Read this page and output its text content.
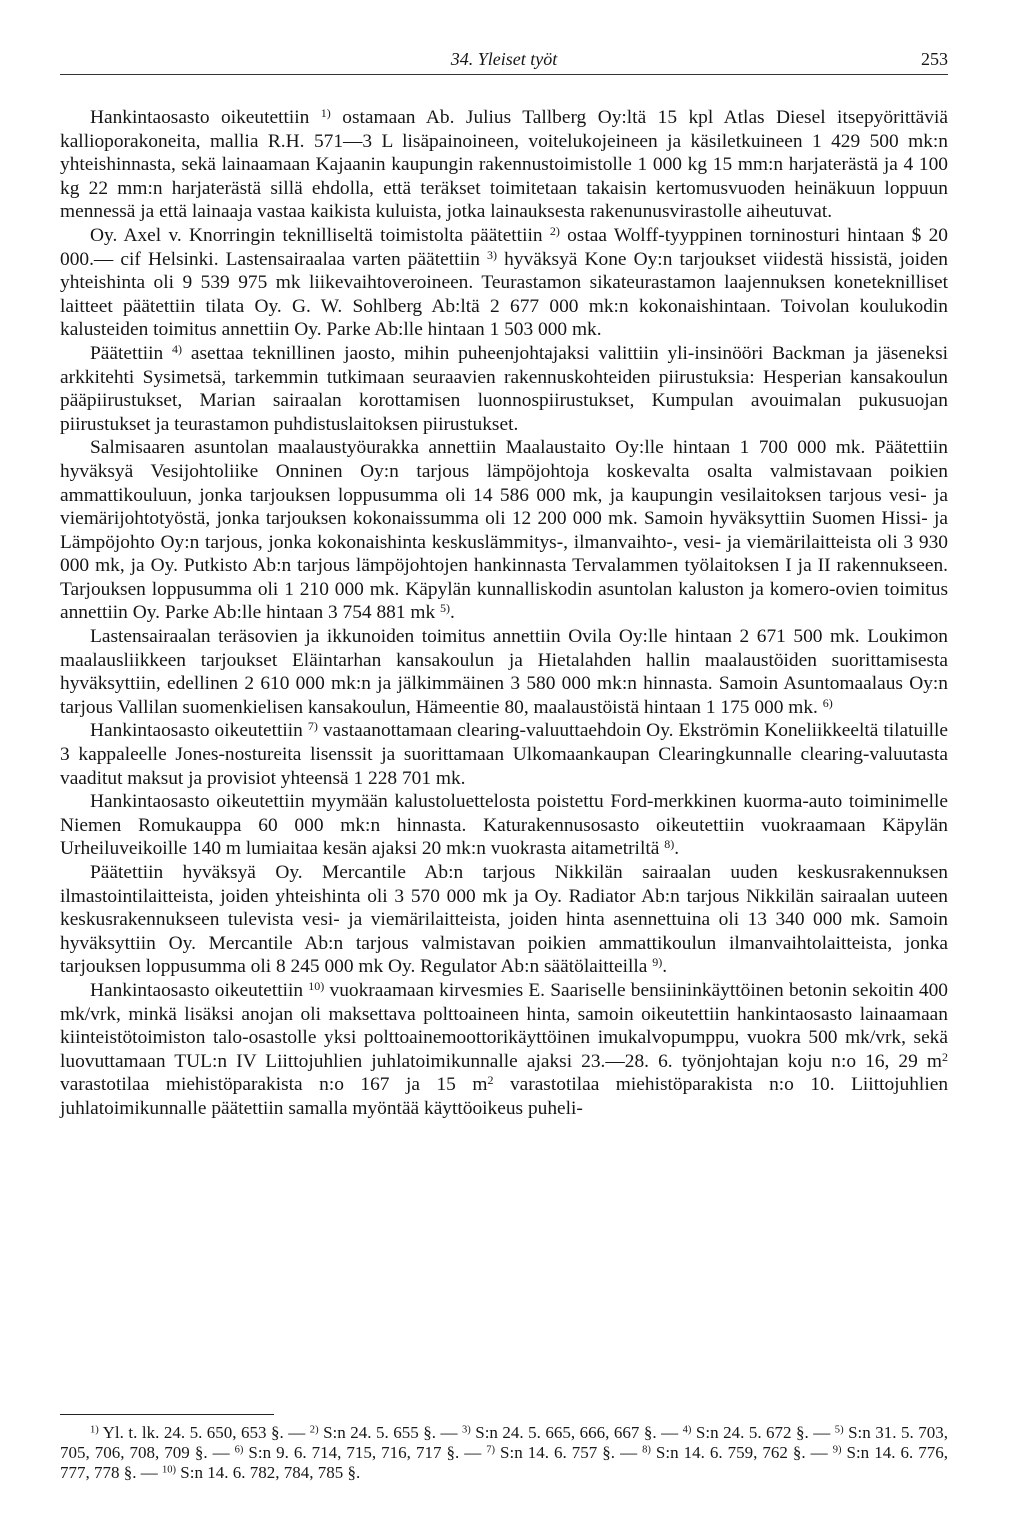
34. Yleiset työt	253

Hankintaosasto oikeutettiin $^{1)}$ ostamaan Ab. Julius Tallberg Oy:ltä 15 kpl Atlas Diesel itsepyörittäviä kallioporakoneita, mallia R.H. 571—3 L lisäpainoineen, voitelukojeineen ja käsiletkuineen 1 429 500 mk:n yhteishinnasta, sekä lainaamaan Kajaanin kaupungin rakennustoimistolle 1 000 kg 15 mm:n harjaterästä ja 4 100 kg 22 mm:n harjaterästä sillä ehdolla, että teräkset toimitetaan takaisin kertomusvuoden heinäkuun loppuun mennessä ja että lainaaja vastaa kaikista kuluista, jotka lainauksesta rakenunusvirastolle aiheutuvat.

Oy. Axel v. Knorringin teknilliseltä toimistolta päätettiin $^{2)}$ ostaa Wolff-tyyppinen torninosturi hintaan $ 20 000.— cif Helsinki. Lastensairaalaa varten päätettiin $^{3)}$ hyväksyä Kone Oy:n tarjoukset viidestä hissistä, joiden yhteishinta oli 9 539 975 mk liikevaihtoveroineen. Teurastamon sikateurastamon laajennuksen koneteknilliset laitteet päätettiin tilata Oy. G. W. Sohlberg Ab:ltä 2 677 000 mk:n kokonaishintaan. Toivolan koulukodin kalusteiden toimitus annettiin Oy. Parke Ab:lle hintaan 1 503 000 mk.

Päätettiin $^{4)}$ asettaa teknillinen jaosto, mihin puheenjohtajaksi valittiin yli-insinööri Backman ja jäseneksi arkkitehti Sysimetsä, tarkemmin tutkimaan seuraavien rakennuskohteiden piirustuksia: Hesperian kansakoulun pääpiirustukset, Marian sairaalan korottamisen luonnospiirustukset, Kumpulan avouimalan pukusuojan piirustukset ja teurastamon puhdistuslaitoksen piirustukset.

Salmisaaren asuntolan maalaustyöurakka annettiin Maalaustaito Oy:lle hintaan 1 700 000 mk. Päätettiin hyväksyä Vesijohtoliike Onninen Oy:n tarjous lämpöjohtoja koskevalta osalta valmistavaan poikien ammattikouluun, jonka tarjouksen loppusumma oli 14 586 000 mk, ja kaupungin vesilaitoksen tarjous vesi- ja viemärijohtotyöstä, jonka tarjouksen kokonaissumma oli 12 200 000 mk. Samoin hyväksyttiin Suomen Hissi- ja Lämpöjohto Oy:n tarjous, jonka kokonaishinta keskuslämmitys-, ilmanvaihto-, vesi- ja viemärilaitteista oli 3 930 000 mk, ja Oy. Putkisto Ab:n tarjous lämpöjohtojen hankinnasta Tervalammen työlaitoksen I ja II rakennukseen. Tarjouksen loppusumma oli 1 210 000 mk. Käpylän kunnalliskodin asuntolan kaluston ja komero-ovien toimitus annettiin Oy. Parke Ab:lle hintaan 3 754 881 mk $^{5)}$.

Lastensairaalan teräsovien ja ikkunoiden toimitus annettiin Ovila Oy:lle hintaan 2 671 500 mk. Loukimon maalausliikkeen tarjoukset Eläintarhan kansakoulun ja Hietalahden hallin maalaustöiden suorittamisesta hyväksyttiin, edellinen 2 610 000 mk:n ja jälkimmäinen 3 580 000 mk:n hinnasta. Samoin Asuntomaalaus Oy:n tarjous Vallilan suomenkielisen kansakoulun, Hämeentie 80, maalaustöistä hintaan 1 175 000 mk. $^{6)}$

Hankintaosasto oikeutettiin $^{7)}$ vastaanottamaan clearing-valuuttaehdoin Oy. Ekströmin Koneliikkeeltä tilatuille 3 kappaleelle Jones-nostureita lisenssit ja suorittamaan Ulkomaankaupan Clearingkunnalle clearing-valuutasta vaaditut maksut ja provisiot yhteensä 1 228 701 mk.

Hankintaosasto oikeutettiin myymään kalustoluettelosta poistettu Ford-merkkinen kuorma-auto toiminimelle Niemen Romukauppa 60 000 mk:n hinnasta. Katurakennusosasto oikeutettiin vuokraamaan Käpylän Urheiluveikoille 140 m lumiaitaa kesän ajaksi 20 mk:n vuokrasta aitametriltä $^{8)}$.

Päätettiin hyväksyä Oy. Mercantile Ab:n tarjous Nikkilän sairaalan uuden keskusrakennuksen ilmastointilaitteista, joiden yhteishinta oli 3 570 000 mk ja Oy. Radiator Ab:n tarjous Nikkilän sairaalan uuteen keskusrakennukseen tulevista vesi- ja viemärilaitteista, joiden hinta asennettuina oli 13 340 000 mk. Samoin hyväksyttiin Oy. Mercantile Ab:n tarjous valmistavan poikien ammattikoulun ilmanvaihtolaitteista, jonka tarjouksen loppusumma oli 8 245 000 mk Oy. Regulator Ab:n säätölaitteilla $^{9)}$.

Hankintaosasto oikeutettiin $^{10)}$ vuokraamaan kirvesmies E. Saariselle bensiininkäyttöinen betonin sekoitin 400 mk/vrk, minkä lisäksi anojan oli maksettava polttoaineen hinta, samoin oikeutettiin hankintaosasto lainaamaan kiinteistötoimiston talo-osastolle yksi polttoainemoottorikäyttöinen imukalvopumppu, vuokra 500 mk/vrk, sekä luovuttamaan TUL:n IV Liittojuhlien juhlatoimikunnalle ajaksi 23.—28. 6. työnjohtajan koju n:o 16, 29 $m^2$ varastotilaa miehistöparakista n:o 167 ja 15 $m^2$ varastotilaa miehistöparakista n:o 10. Liittojuhlien juhlatoimikunnalle päätettiin samalla myöntää käyttöoikeus puheli-

$^{1)}$ Yl. t. lk. 24. 5. 650, 653 §. — $^{2)}$ S:n 24. 5. 655 §. — $^{3)}$ S:n 24. 5. 665, 666, 667 §. — $^{4)}$ S:n 24. 5. 672 §. — $^{5)}$ S:n 31. 5. 703, 705, 706, 708, 709 §. — $^{6)}$ S:n 9. 6. 714, 715, 716, 717 §. — $^{7)}$ S:n 14. 6. 757 §. — $^{8)}$ S:n 14. 6. 759, 762 §. — $^{9)}$ S:n 14. 6. 776, 777, 778 §. — $^{10)}$ S:n 14. 6. 782, 784, 785 §.
